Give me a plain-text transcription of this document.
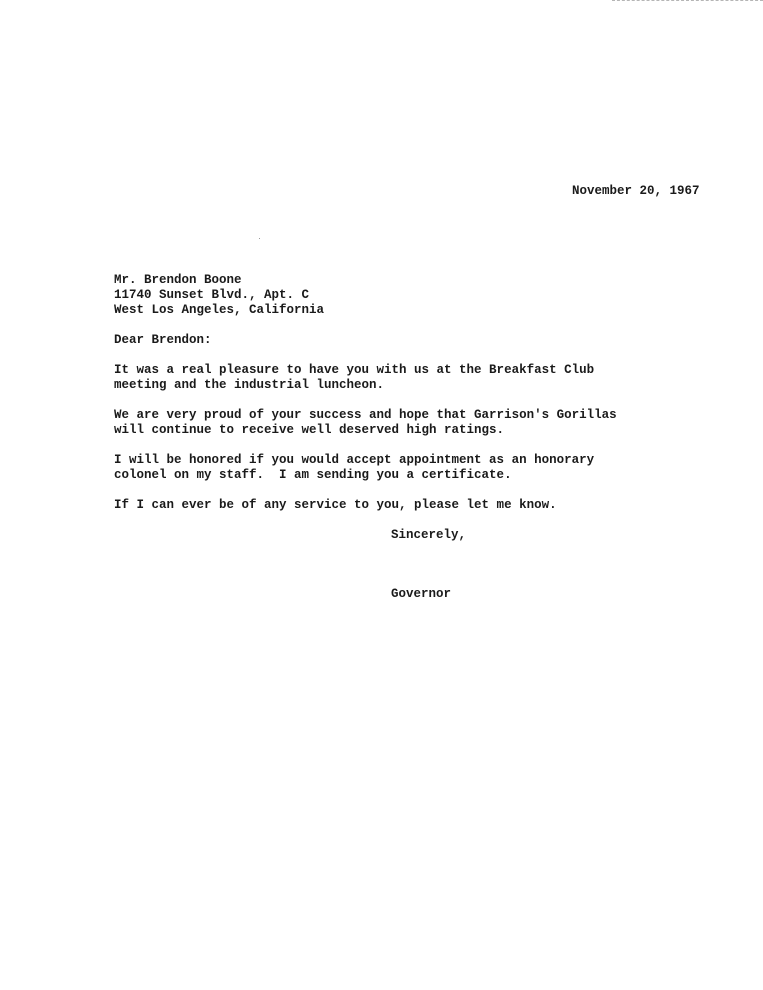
November 20, 1967
Mr. Brendon Boone
11740 Sunset Blvd., Apt. C
West Los Angeles, California
Dear Brendon:
It was a real pleasure to have you with us at the Breakfast Club
meeting and the industrial luncheon.
We are very proud of your success and hope that Garrison's Gorillas
will continue to receive well deserved high ratings.
I will be honored if you would accept appointment as an honorary
colonel on my staff.  I am sending you a certificate.
If I can ever be of any service to you, please let me know.
Sincerely,
Governor
